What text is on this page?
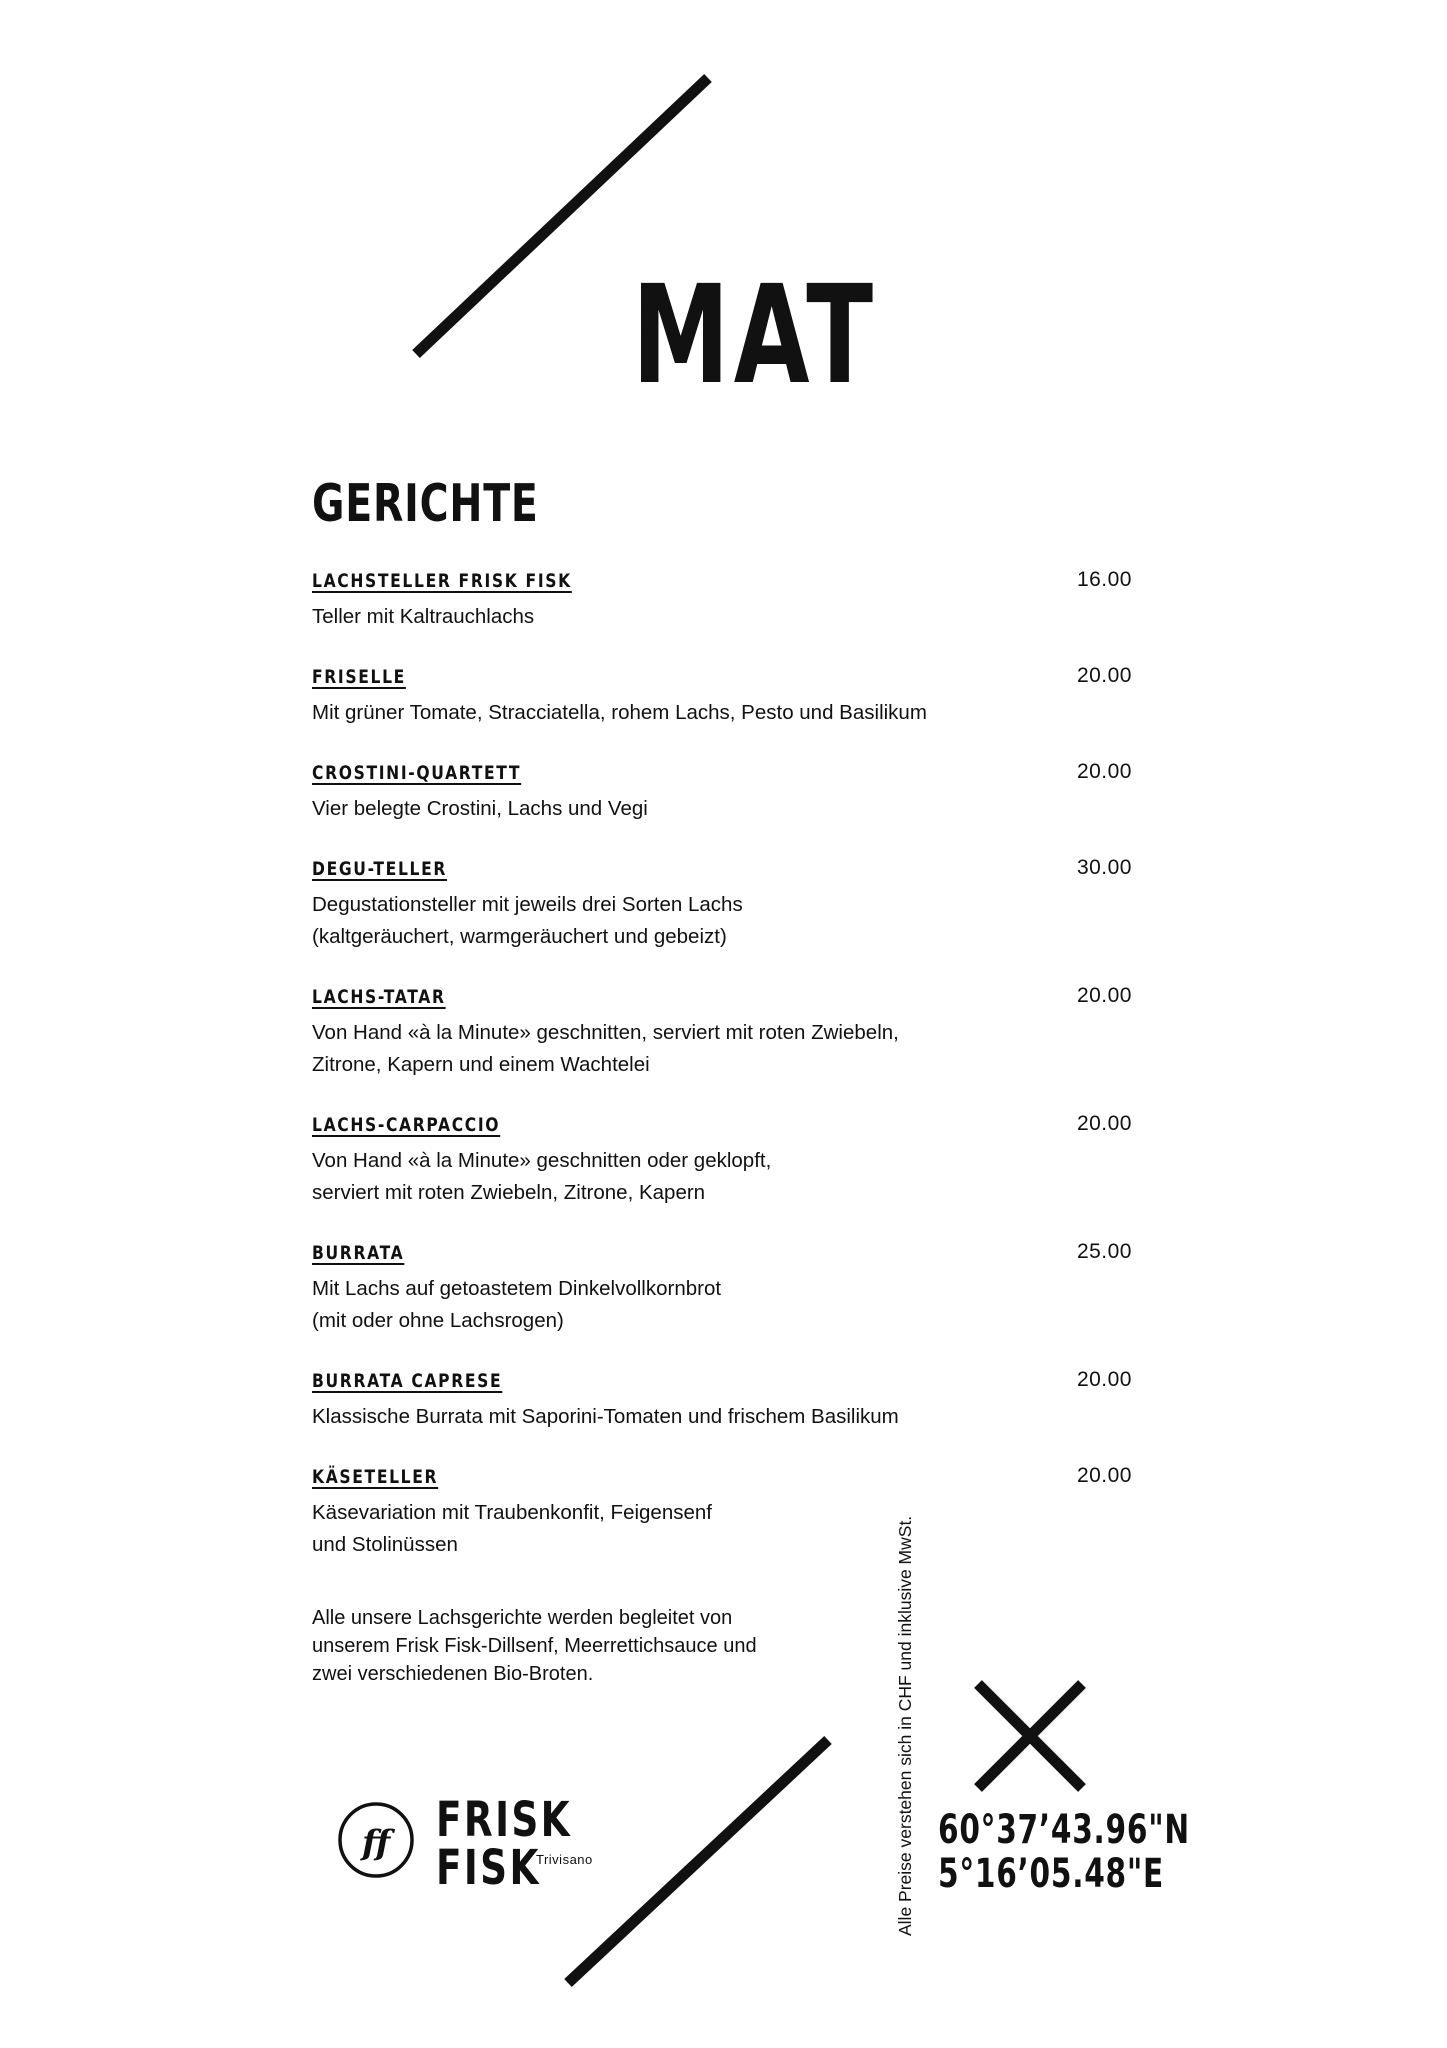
MAT
GERICHTE
LACHSTELLER FRISK FISK	16.00
Teller mit Kaltrauchlachs
FRISELLE	20.00
Mit grüner Tomate, Stracciatella, rohem Lachs, Pesto und Basilikum
CROSTINI-QUARTETT	20.00
Vier belegte Crostini, Lachs und Vegi
DEGU-TELLER	30.00
Degustationsteller mit jeweils drei Sorten Lachs
(kaltgeräuchert, warmgeräuchert und gebeizt)
LACHS-TATAR	20.00
Von Hand «à la Minute» geschnitten, serviert mit roten Zwiebeln,
Zitrone, Kapern und einem Wachtelei
LACHS-CARPACCIO	20.00
Von Hand «à la Minute» geschnitten oder geklopft,
serviert mit roten Zwiebeln, Zitrone, Kapern
BURRATA	25.00
Mit Lachs auf getoastetem Dinkelvollkornbrot
(mit oder ohne Lachsrogen)
BURRATA CAPRESE	20.00
Klassische Burrata mit Saporini-Tomaten und frischem Basilikum
KÄSETELLER	20.00
Käsevariation mit Traubenkonfit, Feigensenf
und Stolinüssen
Alle unsere Lachsgerichte werden begleitet von
unserem Frisk Fisk-Dillsenf, Meerrettichsauce und
zwei verschiedenen Bio-Broten.	Alle Preise verstehen sich in CHF und inklusive MwSt. 60°37’43.96"N
5°16’05.48"E
ff FRISK
FISK
Trivisano
